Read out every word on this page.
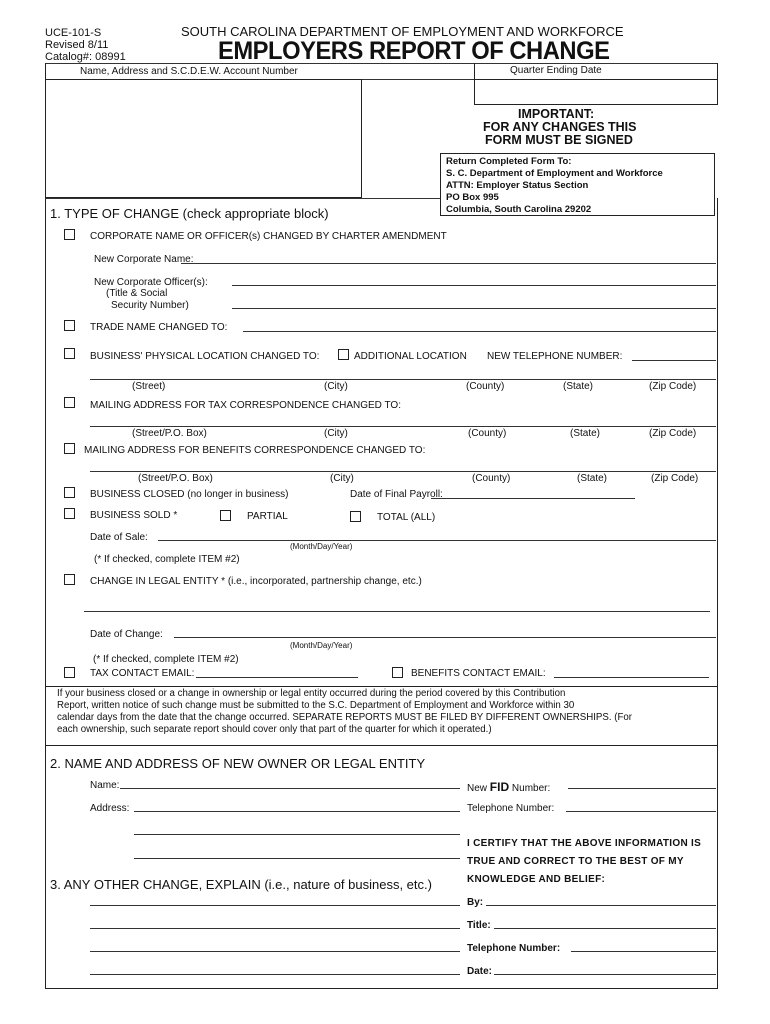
UCE-101-S
Revised 8/11
Catalog#: 08991
SOUTH CAROLINA DEPARTMENT OF EMPLOYMENT AND WORKFORCE
EMPLOYERS REPORT OF CHANGE
Name, Address and S.C.D.E.W. Account Number	Quarter Ending Date
IMPORTANT:
FOR ANY CHANGES THIS
FORM MUST BE SIGNED
Return Completed Form To:
S. C. Department of Employment and Workforce
ATTN: Employer Status Section
PO Box 995
Columbia, South Carolina 29202
1. TYPE OF CHANGE (check appropriate block)
CORPORATE NAME OR OFFICER(s) CHANGED BY CHARTER AMENDMENT
New Corporate Name:
New Corporate Officer(s):
(Title & Social
Security Number)
TRADE NAME CHANGED TO:
BUSINESS' PHYSICAL LOCATION CHANGED TO:	ADDITIONAL LOCATION NEW TELEPHONE NUMBER:
(Street)	(City)	(County)	(State)	(Zip Code)
MAILING ADDRESS FOR TAX CORRESPONDENCE CHANGED TO:
(Street/P.O. Box)	(City)	(County)	(State)	(Zip Code)
MAILING ADDRESS FOR BENEFITS CORRESPONDENCE CHANGED TO:
(Street/P.O. Box)	(City)	(County)	(State)	(Zip Code)
BUSINESS CLOSED (no longer in business)	Date of Final Payroll:
BUSINESS SOLD *	PARTIAL	TOTAL (ALL)
Date of Sale:
(Month/Day/Year)
(* If checked, complete ITEM #2)
CHANGE IN LEGAL ENTITY * (i.e., incorporated, partnership change, etc.)
Date of Change:
(Month/Day/Year)
(* If checked, complete ITEM #2)
TAX CONTACT EMAIL:	BENEFITS CONTACT EMAIL:
If your business closed or a change in ownership or legal entity occurred during the period covered by this Contribution
Report, written notice of such change must be submitted to the S.C. Department of Employment and Workforce within 30
calendar days from the date that the change occurred. SEPARATE REPORTS MUST BE FILED BY DIFFERENT OWNERSHIPS. (For
each ownership, such separate report should cover only that part of the quarter for which it operated.)
2. NAME AND ADDRESS OF NEW OWNER OR LEGAL ENTITY
Name:	New FID Number:
Address:	Telephone Number:
I CERTIFY THAT THE ABOVE INFORMATION IS
TRUE AND CORRECT TO THE BEST OF MY
KNOWLEDGE AND BELIEF:
3. ANY OTHER CHANGE, EXPLAIN (i.e., nature of business, etc.)
By:
Title:
Telephone Number:
Date:
